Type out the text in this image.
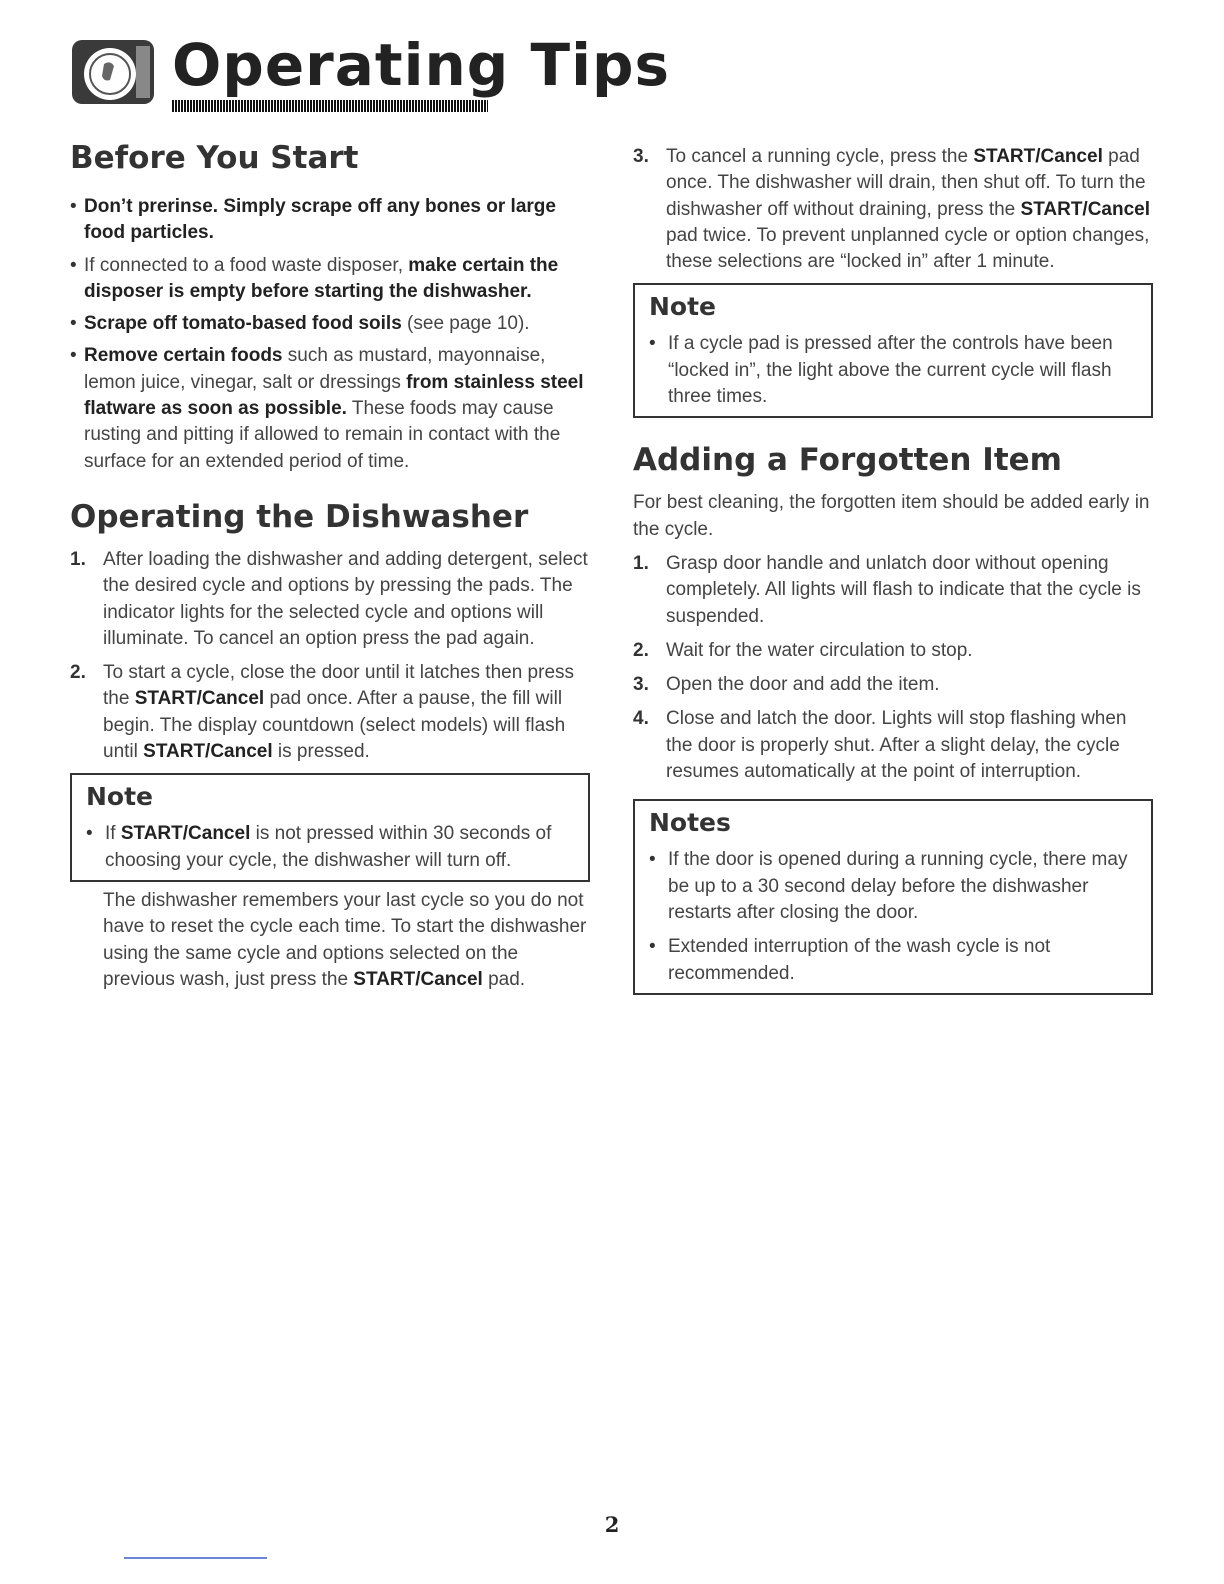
Operating Tips
Before You Start
• Don’t prerinse. Simply scrape off any bones or large food particles.
• If connected to a food waste disposer, make certain the disposer is empty before starting the dishwasher.
• Scrape off tomato-based food soils (see page 10).
• Remove certain foods such as mustard, mayonnaise, lemon juice, vinegar, salt or dressings from stainless steel flatware as soon as possible. These foods may cause rusting and pitting if allowed to remain in contact with the surface for an extended period of time.
Operating the Dishwasher
1. After loading the dishwasher and adding detergent, select the desired cycle and options by pressing the pads. The indicator lights for the selected cycle and options will illuminate. To cancel an option press the pad again.
2. To start a cycle, close the door until it latches then press the START/Cancel pad once. After a pause, the fill will begin. The display countdown (select models) will flash until START/Cancel is pressed.
Note
• If START/Cancel is not pressed within 30 seconds of choosing your cycle, the dishwasher will turn off.
The dishwasher remembers your last cycle so you do not have to reset the cycle each time. To start the dishwasher using the same cycle and options selected on the previous wash, just press the START/Cancel pad.
3. To cancel a running cycle, press the START/Cancel pad once. The dishwasher will drain, then shut off. To turn the dishwasher off without draining, press the START/Cancel pad twice. To prevent unplanned cycle or option changes, these selections are “locked in” after 1 minute.
Note
• If a cycle pad is pressed after the controls have been “locked in”, the light above the current cycle will flash three times.
Adding a Forgotten Item

For best cleaning, the forgotten item should be added early in the cycle.

1. Grasp door handle and unlatch door without opening completely. All lights will flash to indicate that the cycle is suspended.
2. Wait for the water circulation to stop.
3. Open the door and add the item.
4. Close and latch the door. Lights will stop flashing when the door is properly shut. After a slight delay, the cycle resumes automatically at the point of interruption.
Notes
• If the door is opened during a running cycle, there may be up to a 30 second delay before the dishwasher restarts after closing the door.
• Extended interruption of the wash cycle is not recommended.
2
